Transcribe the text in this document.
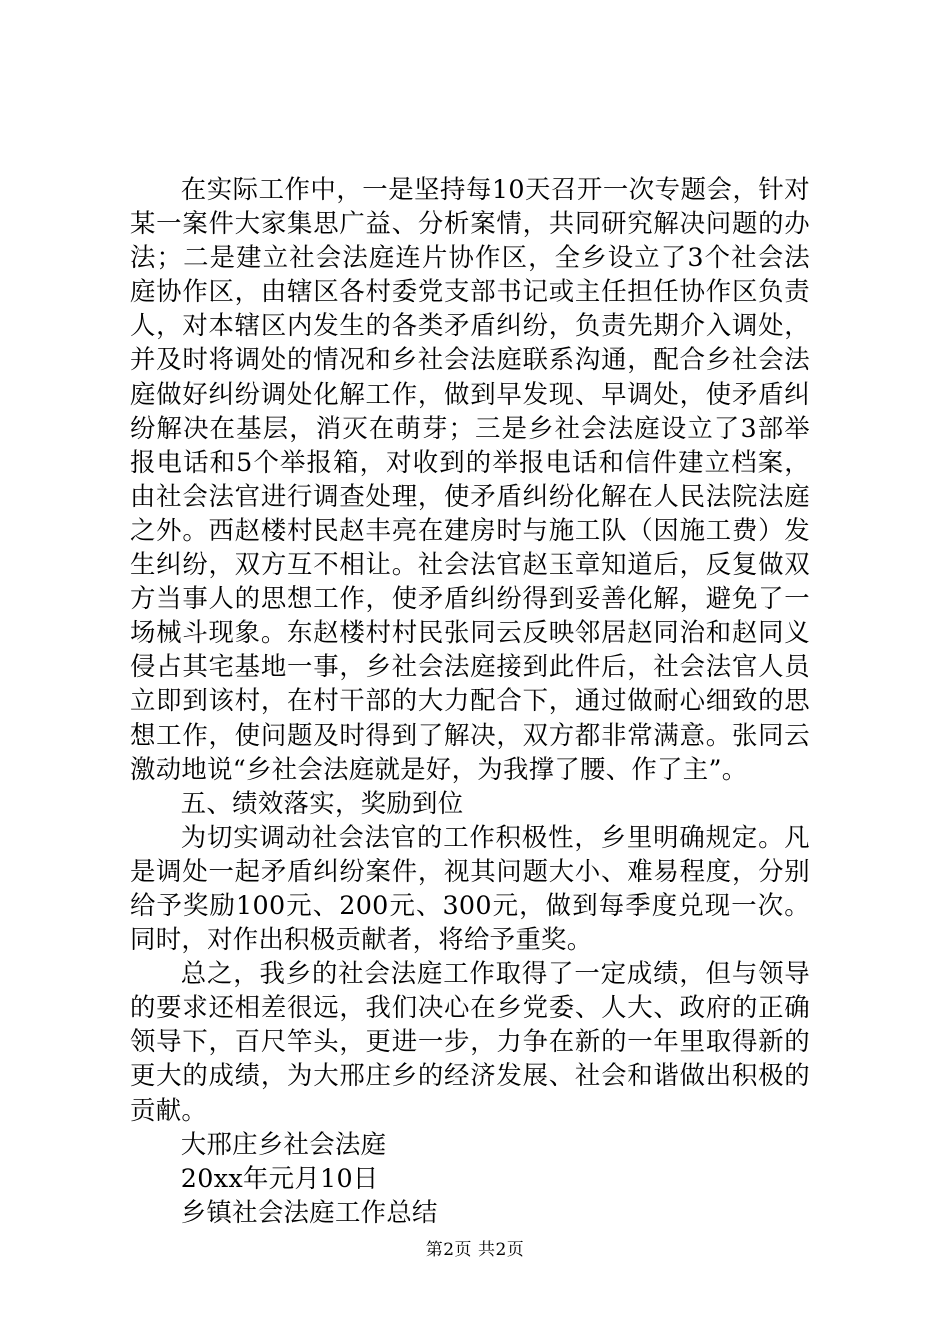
在实际工作中，一是坚持每10天召开一次专题会，针对某一案件大家集思广益、分析案情，共同研究解决问题的办法；二是建立社会法庭连片协作区，全乡设立了3个社会法庭协作区，由辖区各村委党支部书记或主任担任协作区负责人，对本辖区内发生的各类矛盾纠纷，负责先期介入调处，并及时将调处的情况和乡社会法庭联系沟通，配合乡社会法庭做好纠纷调处化解工作，做到早发现、早调处，使矛盾纠纷解决在基层，消灭在萌芽；三是乡社会法庭设立了3部举报电话和5个举报箱，对收到的举报电话和信件建立档案，由社会法官进行调查处理，使矛盾纠纷化解在人民法院法庭之外。西赵楼村民赵丰亮在建房时与施工队（因施工费）发生纠纷，双方互不相让。社会法官赵玉章知道后，反复做双方当事人的思想工作，使矛盾纠纷得到妥善化解，避免了一场械斗现象。东赵楼村村民张同云反映邻居赵同治和赵同义侵占其宅基地一事，乡社会法庭接到此件后，社会法官人员立即到该村，在村干部的大力配合下，通过做耐心细致的思想工作，使问题及时得到了解决，双方都非常满意。张同云激动地说“乡社会法庭就是好，为我撑了腰、作了主”。

五、绩效落实，奖励到位

为切实调动社会法官的工作积极性，乡里明确规定。凡是调处一起矛盾纠纷案件，视其问题大小、难易程度，分别给予奖励100元、200元、300元，做到每季度兑现一次。同时，对作出积极贡献者，将给予重奖。

总之，我乡的社会法庭工作取得了一定成绩，但与领导的要求还相差很远，我们决心在乡党委、人大、政府的正确领导下，百尺竿头，更进一步，力争在新的一年里取得新的更大的成绩，为大邢庄乡的经济发展、社会和谐做出积极的贡献。

大邢庄乡社会法庭

20xx年元月10日

乡镇社会法庭工作总结

第2页 共2页
